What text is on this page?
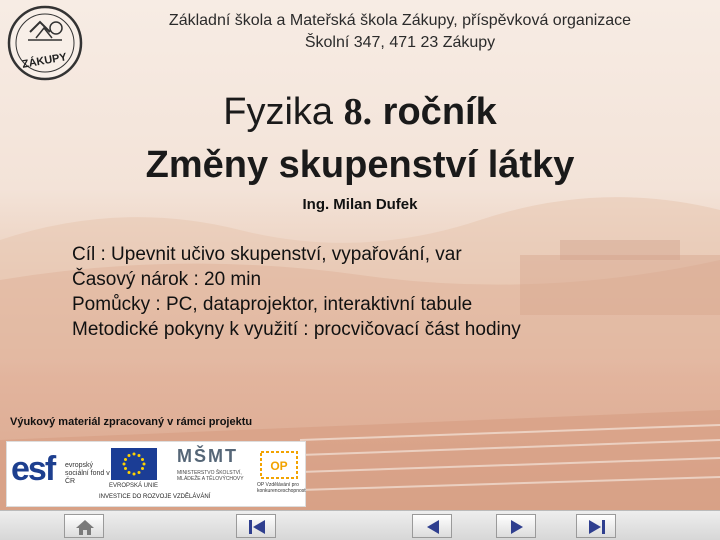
ZÁKUPY
Základní škola a Mateřská škola Zákupy, příspěvková organizace
Školní 347, 471 23 Zákupy
Fyzika 8. ročník
Změny skupenství látky
Ing. Milan Dufek
Cíl : Upevnit učivo skupenství, vypařování, var
Časový nárok : 20 min
Pomůcky : PC, dataprojektor, interaktivní tabule
Metodické pokyny k využití : procvičovací část hodiny
Výukový materiál zpracovaný v rámci projektu
esf evropský sociální fond v ČR
EVROPSKÁ UNIE
MŠMT
MINISTERSTVO ŠKOLSTVÍ, MLÁDEŽE A TĚLOVÝCHOVY
OP
OP Vzdělávání pro konkurenceschopnost
INVESTICE DO ROZVOJE VZDĚLÁVÁNÍ
